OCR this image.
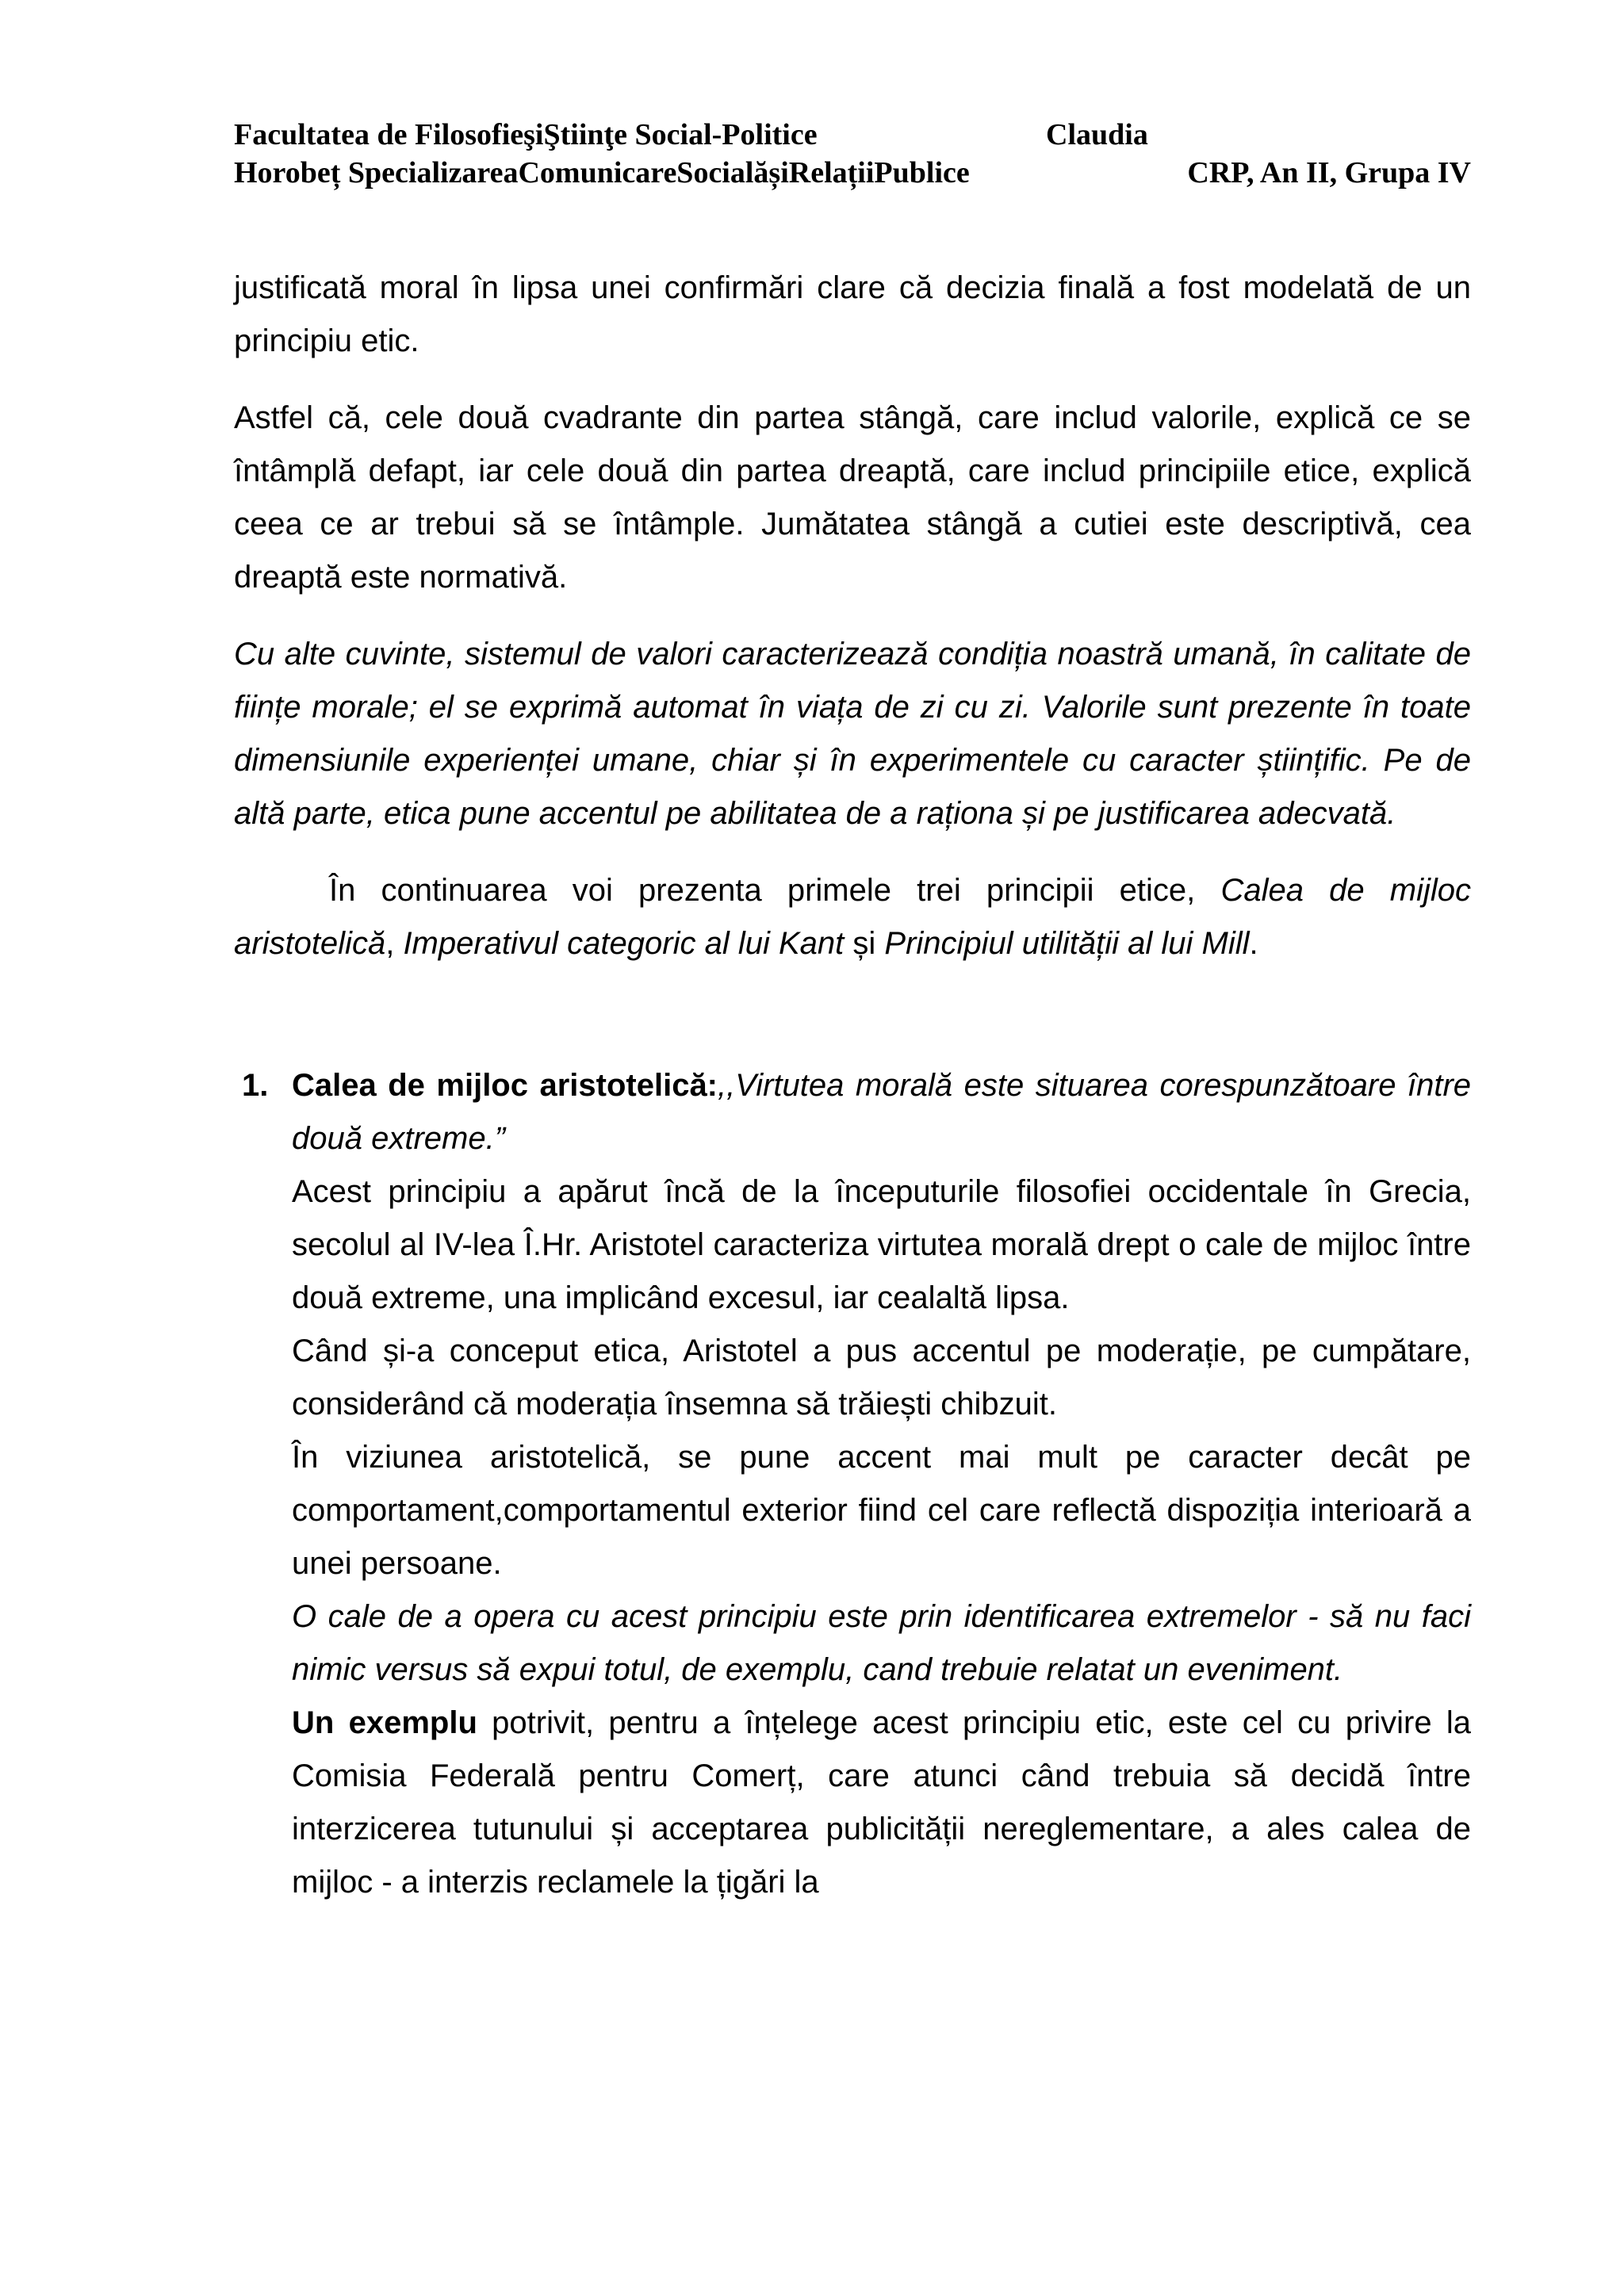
Facultatea de FilosofieşiŞtiinţe Social-Politice	Claudia
Horobeț SpecializareaComunicareSocialășiRelațiiPublice	CRP, An II, Grupa IV

justificată moral în lipsa unei confirmări clare că decizia finală a fost modelată de un principiu etic.

Astfel că, cele două cvadrante din partea stângă, care includ valorile, explică ce se întâmplă defapt, iar cele două din partea dreaptă, care includ principiile etice, explică ceea ce ar trebui să se întâmple. Jumătatea stângă a cutiei este descriptivă, cea dreaptă este normativă.

Cu alte cuvinte, sistemul de valori caracterizează condiția noastră umană, în calitate de ființe morale; el se exprimă automat în viața de zi cu zi. Valorile sunt prezente în toate dimensiunile experienței umane, chiar și în experimentele cu caracter științific. Pe de altă parte, etica pune accentul pe abilitatea de a raționa și pe justificarea adecvată.

În continuarea voi prezenta primele trei principii etice, Calea de mijloc aristotelică, Imperativul categoric al lui Kant și Principiul utilității al lui Mill.

1. Calea de mijloc aristotelică:,,Virtutea morală este situarea corespunzătoare între două extreme.”

Acest principiu a apărut încă de la începuturile filosofiei occidentale în Grecia, secolul al IV-lea Î.Hr. Aristotel caracteriza virtutea morală drept o cale de mijloc între două extreme, una implicând excesul, iar cealaltă lipsa.

Când și-a conceput etica, Aristotel a pus accentul pe moderație, pe cumpătare, considerând că moderația însemna să trăiești chibzuit.

În viziunea aristotelică, se pune accent mai mult pe caracter decât pe comportament,comportamentul exterior fiind cel care reflectă dispoziția interioară a unei persoane.

O cale de a opera cu acest principiu este prin identificarea extremelor - să nu faci nimic versus să expui totul, de exemplu, cand trebuie relatat un eveniment.

Un exemplu potrivit, pentru a înțelege acest principiu etic, este cel cu privire la Comisia Federală pentru Comerț, care atunci când trebuia să decidă între interzicerea tutunului și acceptarea publicității nereglementare, a ales calea de mijloc - a interzis reclamele la țigări la
